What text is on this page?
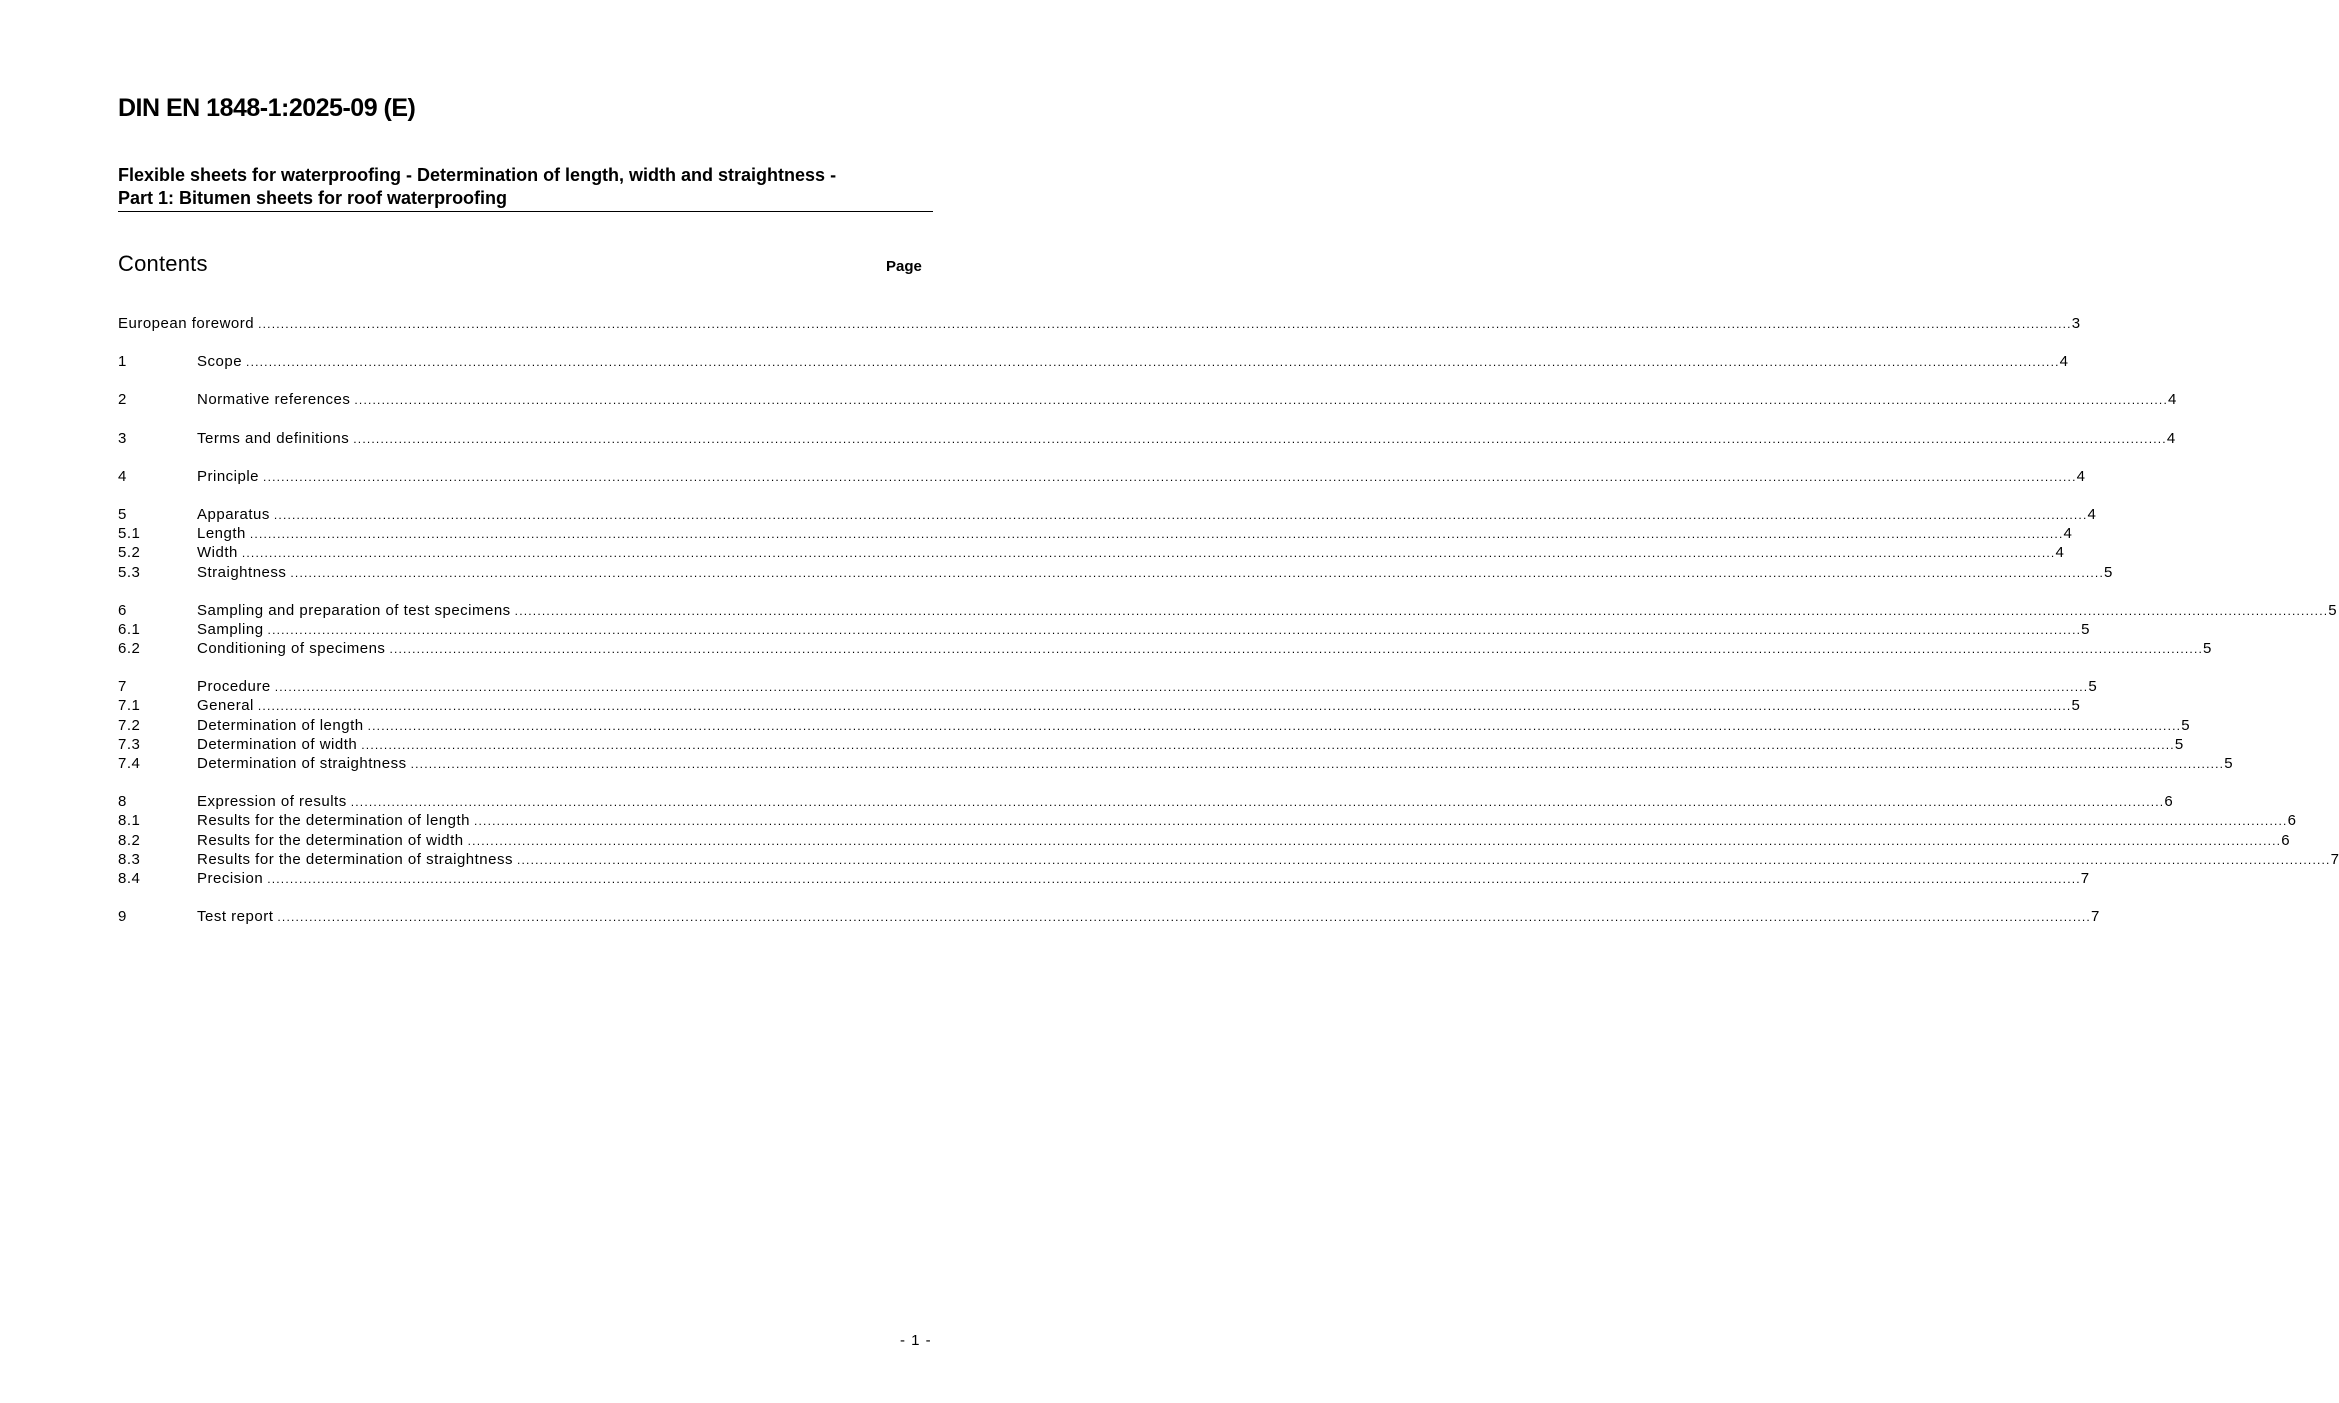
DIN EN 1848-1:2025-09 (E)
Flexible sheets for waterproofing - Determination of length, width and straightness -
Part 1: Bitumen sheets for roof waterproofing
Contents	Page
European foreword ................................................................................................................................................................................................................................................................................................................................................................................................................ 3
1	Scope ................................................................................................................................................................................................................................................................................................................................................................................................................ 4
2	Normative references ................................................................................................................................................................................................................................................................................................................................................................................................................ 4
3	Terms and definitions ................................................................................................................................................................................................................................................................................................................................................................................................................ 4
4	Principle ................................................................................................................................................................................................................................................................................................................................................................................................................ 4
5	Apparatus ................................................................................................................................................................................................................................................................................................................................................................................................................ 4
5.1	Length ................................................................................................................................................................................................................................................................................................................................................................................................................ 4
5.2	Width ................................................................................................................................................................................................................................................................................................................................................................................................................ 4
5.3	Straightness ................................................................................................................................................................................................................................................................................................................................................................................................................ 5
6	Sampling and preparation of test specimens ................................................................................................................................................................................................................................................................................................................................................................................................................ 5
6.1	Sampling ................................................................................................................................................................................................................................................................................................................................................................................................................ 5
6.2	Conditioning of specimens ................................................................................................................................................................................................................................................................................................................................................................................................................ 5
7	Procedure ................................................................................................................................................................................................................................................................................................................................................................................................................ 5
7.1	General ................................................................................................................................................................................................................................................................................................................................................................................................................ 5
7.2	Determination of length ................................................................................................................................................................................................................................................................................................................................................................................................................ 5
7.3	Determination of width ................................................................................................................................................................................................................................................................................................................................................................................................................ 5
7.4	Determination of straightness ................................................................................................................................................................................................................................................................................................................................................................................................................ 5
8	Expression of results ................................................................................................................................................................................................................................................................................................................................................................................................................ 6
8.1	Results for the determination of length ................................................................................................................................................................................................................................................................................................................................................................................................................ 6
8.2	Results for the determination of width ................................................................................................................................................................................................................................................................................................................................................................................................................ 6
8.3	Results for the determination of straightness ................................................................................................................................................................................................................................................................................................................................................................................................................ 7
8.4	Precision ................................................................................................................................................................................................................................................................................................................................................................................................................ 7
9	Test report ................................................................................................................................................................................................................................................................................................................................................................................................................ 7
- 1 -
